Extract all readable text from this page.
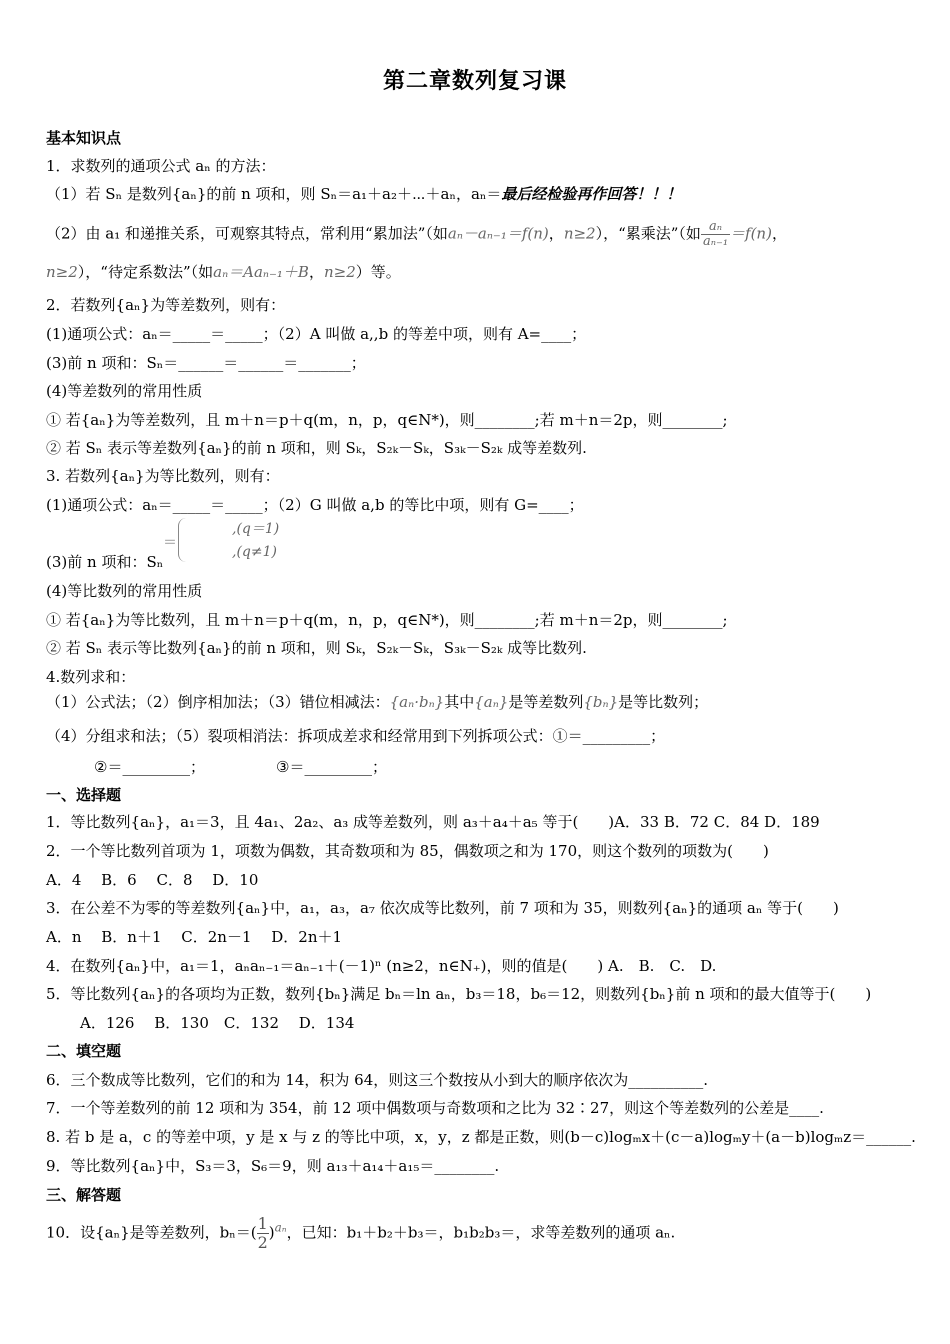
第二章数列复习课
基本知识点
1．求数列的通项公式 aₙ 的方法：
（1）若 Sₙ 是数列{aₙ}的前 n 项和，则 Sₙ＝a₁＋a₂＋⋯＋aₙ，aₙ＝最后经检验再作回答！！！
（2）由 a₁ 和递推关系，可观察其特点，常利用“累加法”（如aₙ－aₙ₋₁＝f(n)，n≥2），“累乘法”（如 $\frac{\text{aₙ}}{\text{aₙ₋₁}} =f(n)$，
n≥2），“待定系数法”（如aₙ＝Aaₙ₋₁＋B，n≥2）等。
2．若数列{aₙ}为等差数列，则有：
(1)通项公式：aₙ＝_____＝_____；（2）A 叫做 a,,b 的等差中项，则有 A=____；
(3)前 n 项和：Sₙ＝______＝______＝_______；
(4)等差数列的常用性质
① 若{aₙ}为等差数列，且 m＋n＝p＋q(m，n，p，q∈N*)，则________;若 m＋n＝2p，则________;
② 若 Sₙ 表示等差数列{aₙ}的前 n 项和，则 Sₖ，S₂ₖ－Sₖ，S₃ₖ－S₂ₖ 成等差数列.
3. 若数列{aₙ}为等比数列，则有：
(1)通项公式：aₙ＝_____＝_____；（2）G 叫做 a,b 的等比中项，则有 G=____；
(3)前 n 项和：Sₙ
＝
,(q＝1)
,(q≠1)
(4)等比数列的常用性质
① 若{aₙ}为等比数列，且 m＋n＝p＋q(m，n，p，q∈N*)，则________;若 m＋n＝2p，则________;
② 若 Sₙ 表示等比数列{aₙ}的前 n 项和，则 Sₖ，S₂ₖ－Sₖ，S₃ₖ－S₂ₖ 成等比数列.
4.数列求和：
（1）公式法；（2）倒序相加法；（3）错位相减法：{aₙ·bₙ}其中{aₙ}是等差数列{bₙ}是等比数列；
（4）分组求和法；（5）裂项相消法：拆项成差求和经常用到下列拆项公式：①＝_________；
②＝_________；	③＝_________；
一、选择题
1．等比数列{aₙ}，a₁＝3，且 4a₁、2a₂、a₃ 成等差数列，则 a₃＋a₄＋a₅ 等于(　　)A．33 B．72 C．84 D．189
2．一个等比数列首项为 1，项数为偶数，其奇数项和为 85，偶数项之和为 170，则这个数列的项数为(　　)
A．4　 B．6　 C．8　 D．10
3．在公差不为零的等差数列{aₙ}中，a₁，a₃，a₇ 依次成等比数列，前 7 项和为 35，则数列{aₙ}的通项 aₙ 等于(　　)
A．n　 B．n＋1　 C．2n－1　 D．2n＋1
4．在数列{aₙ}中，a₁＝1，aₙaₙ₋₁＝aₙ₋₁＋(－1)ⁿ (n≥2，n∈N₊)，则的值是(　　) A.　B.　C.　D.
5．等比数列{aₙ}的各项均为正数，数列{bₙ}满足 bₙ＝ln aₙ，b₃＝18，b₆＝12，则数列{bₙ}前 n 项和的最大值等于(　　)
A．126　 B．130　C．132　 D．134
二、填空题
6．三个数成等比数列，它们的和为 14，积为 64，则这三个数按从小到大的顺序依次为__________.
7．一个等差数列的前 12 项和为 354，前 12 项中偶数项与奇数项和之比为 32∶27，则这个等差数列的公差是____.
8. 若 b 是 a，c 的等差中项，y 是 x 与 z 的等比中项，x，y，z 都是正数，则(b－c)logₘx＋(c－a)logₘy＋(a－b)logₘz＝______.
9．等比数列{aₙ}中，S₃＝3，S₆＝9，则 a₁₃＋a₁₄＋a₁₅＝________.
三、解答题
10．设{aₙ}是等差数列，$b_n=( \frac{1}{2} )^{a_n}$，已知：b₁＋b₂＋b₃＝，b₁b₂b₃＝，求等差数列的通项 aₙ.
